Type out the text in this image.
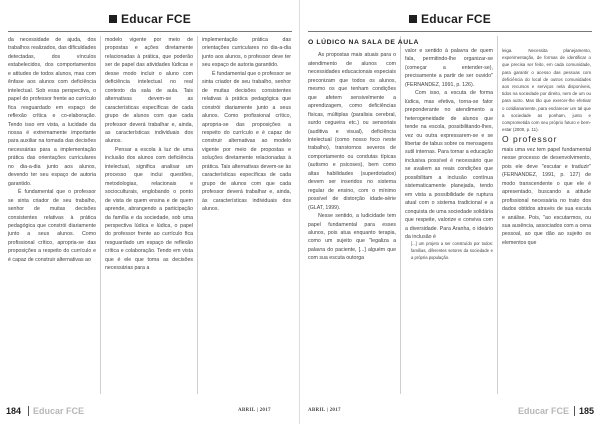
Educar FCE

da necessidade de ajuda, dos trabalhos realizados, das dificuldades detectadas, dos vínculos estabelecidos, dos comportamentos e atitudes de todos alunos, mas com ênfase aos alunos com deficiência intelectual. Sob essa perspectiva, o papel do professor frente ao currículo fica resguardado em espaço de reflexão crítica e co-elaboração. Tendo isso em vista, a lucidade da nossa é extremamente importante para auxiliar na tomada das decisões necessárias para a implementação prática das orientações curriculares no dia-a-dia junto aos alunos, devendo ter seu espaço de autoria garantido.

É fundamental que o professor se sinta criador de seu trabalho, senhor de muitas decisões consistentes relativas à prática pedagógica que constrói diariamente junto a seus alunos. Como profissional crítico, apropria-se das proposições a respeito do currículo e é capaz de construir alternativas ao

modelo vigente por meio de propostas e ações diretamente relacionadas à prática, que poderão ser de papel das atividades lúdicas e desse modo incluir o aluno com deficiência intelectual no real contexto da sala de aula. Tais alternativas devem-se as características específicas de cada grupo de alunos com que cada professor deverá trabalhar e, ainda, as características individuais dos alunos.

Pensar a escola à luz de uma inclusão dos alunos com deficiência intelectual, significa analisar um processo que inclui questões, metodologias, relacionais e socioculturais, englobando o ponto de vista de quem ensina e de quem aprende, abrangendo a participação da família e da sociedade, sob uma perspectiva lúdica e lúdica, o papel do professor frente ao currículo fica resguardado um espaço de reflexão crítica e colaboração. Tendo em vista que é ele que toma as decisões necessárias para a

implementação prática das orientações curriculares no dia-a-dia junto aos alunos, o professor deve ter seu espaço de autoria garantido.

É fundamental que o professor se sinta criador de seu trabalho, senhor de muitas decisões consistentes relativas à prática pedagógica que constrói diariamente junto a seus alunos. Como profissional crítico, apropria-se das proposições a respeito do currículo e é capaz de construir alternativas ao modelo vigente por meio de propostas e soluções diretamente relacionadas à prática. Tais alternativas devem-se às características específicas de cada grupo de alunos com que cada professor deverá trabalhar e, ainda, às características individuais dos alunos.

184 Educar FCE	ABRIL | 2017
Educar FCE
O LÚDICO NA SALA DE AULA

As propostas mais atuais para o atendimento de alunos com necessidades educacionais especiais preconizam que todos os alunos, mesmo os que tenham condições que afetem sensivelmente a aprendizagem, como deficiências físicas, múltiplas (paralisia cerebral, surdo cegueira etc.) ou sensoriais (auditiva e visual), deficiência intelectual (como nosso foco neste trabalho), transtornos severos de comportamento ou condutas típicas (autismo e psicoses), bem como altas habilidades (superdotados) devem ser inseridos no sistema regular de ensino, com o mínimo possível de distorção idade-série (GLAT, 1999).

Nesse sentido, a ludicidade tem papel fundamental para esses alunos, pois atua enquanto terapia, como um sujeito que "legaliza a palavra do paciente, [...] alguém que com sua escuta outorga

valor e sentido à palavra de quem fala, permitindo-lhe organizar-se (começar a entender-se), precisamente a partir de ser ouvido" (FERNANDEZ, 1991, p. 126).

Com isso, a escuta de forma lúdica, mas efetiva, torna-se fator preponderante no atendimento a heterogeneidade de alunos que tende na escola, possibilitando-lhes, vez ou outra expressarem-se e se libertar de tabus sobre os mensagens sutil internas. Para tornar a educação inclusiva possível é necessário que se avaliem as reais condições que possibilitam a inclusão contínua sistematicamente planejada, tendo em vista a possibilidade de ruptura atual com o sistema tradicional e a conquista de uma sociedade solidária que respeite, valorize e conviva com a diversidade. Para Aranha, o ideário da inclusão é

[...] um projeto a ser construído por todos: famílias, diferentes setores da sociedade e a própria população.

leiga. Necessita planejamento, experimentação, de formas de identificar o que precisa ser feito, em cada comunidade, para garantir o acesso das pessoas com deficiência do local de outros comunidades aos recursos e serviços nela disponíveis, tidos na sociedade por direito, nem de um ou para outro. Mas tão que exercer-lhe efetivar o cotidianamente, para esclarecer um tal que a sociedade as ponham, junto e comprometida com seu próprio futuro e bem-estar (2000, p. 11).

O professor

mais uma vez tem papel fundamental nesse processo de desenvolvimento, pois ele deve "escutar e traduzir" (FERNANDEZ, 1991, p. 127) de modo transcendente o que ele é apresentado, buscando a atitude profissional necessária no trato dos dados obtidos através de sua escuta e análise. Pois, "ao escutarmos, ou sua ausência, associados com a cena pessoal, ao que dão ao sujeito os elementos que

ABRIL | 2017	Educar FCE 185
